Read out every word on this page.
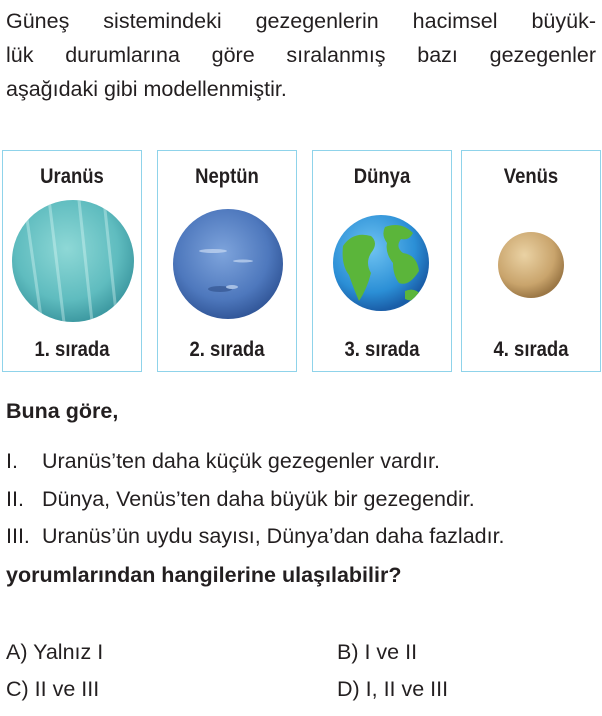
Güneş sistemindeki gezegenlerin hacimsel büyük-
lük durumlarına göre sıralanmış bazı gezegenler
aşağıdaki gibi modellenmiştir.
Uranüs
1. sırada
Neptün
2. sırada
Dünya
3. sırada
Venüs
4. sırada
Buna göre,
I. Uranüs’ten daha küçük gezegenler vardır.
II. Dünya, Venüs’ten daha büyük bir gezegendir.
III. Uranüs’ün uydu sayısı, Dünya’dan daha fazladır.
yorumlarından hangilerine ulaşılabilir?
A) Yalnız I	B) I ve II
C) II ve III	D) I, II ve III
